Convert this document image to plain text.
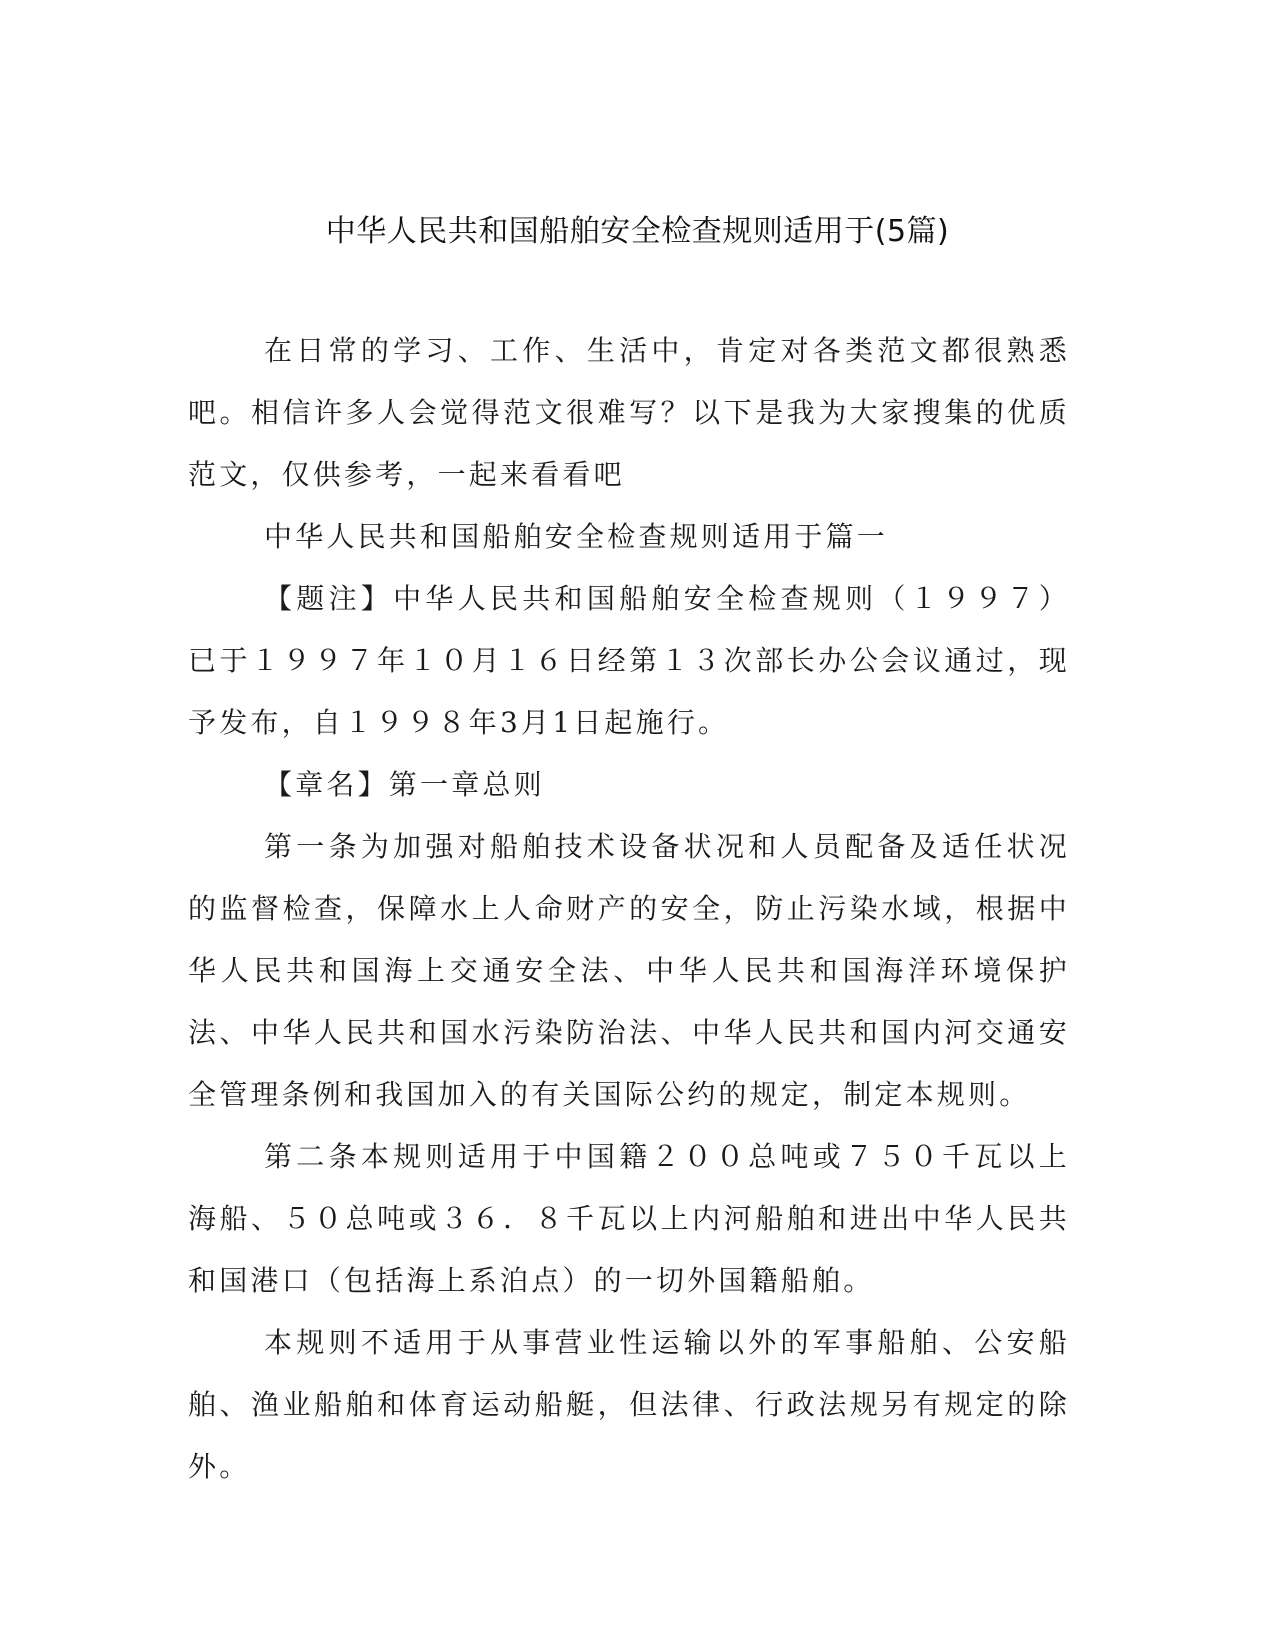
中华人民共和国船舶安全检查规则适用于(5篇)

在日常的学习、工作、生活中，肯定对各类范文都很熟悉吧。相信许多人会觉得范文很难写？以下是我为大家搜集的优质范文，仅供参考，一起来看看吧

中华人民共和国船舶安全检查规则适用于篇一

【题注】中华人民共和国船舶安全检查规则（１９９７）已于１９９７年１０月１６日经第１３次部长办公会议通过，现予发布，自１９９８年3月1日起施行。

【章名】第一章总则

第一条为加强对船舶技术设备状况和人员配备及适任状况的监督检查，保障水上人命财产的安全，防止污染水域，根据中华人民共和国海上交通安全法、中华人民共和国海洋环境保护法、中华人民共和国水污染防治法、中华人民共和国内河交通安全管理条例和我国加入的有关国际公约的规定，制定本规则。

第二条本规则适用于中国籍２００总吨或７５０千瓦以上海船、５０总吨或３６．８千瓦以上内河船舶和进出中华人民共和国港口（包括海上系泊点）的一切外国籍船舶。

本规则不适用于从事营业性运输以外的军事船舶、公安船舶、渔业船舶和体育运动船艇，但法律、行政法规另有规定的除外。
